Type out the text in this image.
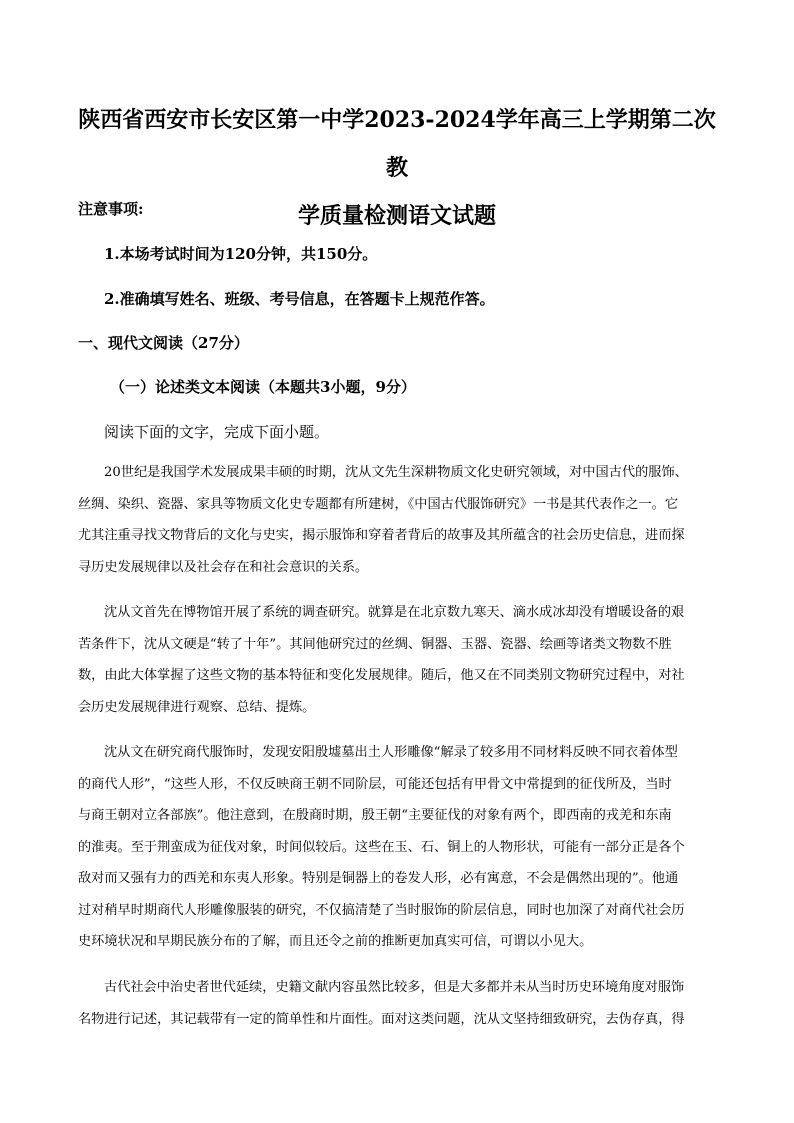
陕西省西安市长安区第一中学2023-2024学年高三上学期第二次教
学质量检测语文试题
注意事项:
1.本场考试时间为120分钟，共150分。
2.准确填写姓名、班级、考号信息，在答题卡上规范作答。
一、现代文阅读（27分）
（一）论述类文本阅读（本题共3小题，9分）
阅读下面的文字，完成下面小题。
20世纪是我国学术发展成果丰硕的时期，沈从文先生深耕物质文化史研究领域，对中国古代的服饰、
丝绸、染织、瓷器、家具等物质文化史专题都有所建树，《中国古代服饰研究》一书是其代表作之一。它
尤其注重寻找文物背后的文化与史实，揭示服饰和穿着者背后的故事及其所蕴含的社会历史信息，进而探
寻历史发展规律以及社会存在和社会意识的关系。
沈从文首先在博物馆开展了系统的调查研究。就算是在北京数九寒天、滴水成冰却没有增暖设备的艰
苦条件下，沈从文硬是“转了十年”。其间他研究过的丝绸、铜器、玉器、瓷器、绘画等诸类文物数不胜
数，由此大体掌握了这些文物的基本特征和变化发展规律。随后，他又在不同类别文物研究过程中，对社
会历史发展规律进行观察、总结、提炼。
沈从文在研究商代服饰时，发现安阳殷墟墓出土人形雕像“解录了较多用不同材料反映不同衣着体型
的商代人形”，“这些人形，不仅反映商王朝不同阶层，可能还包括有甲骨文中常提到的征伐所及，当时
与商王朝对立各部族”。他注意到，在殷商时期，殷王朝“主要征伐的对象有两个，即西南的戎羌和东南
的淮夷。至于荆蛮成为征伐对象，时间似较后。这些在玉、石、铜上的人物形状，可能有一部分正是各个
敌对而又强有力的西羌和东夷人形象。特别是铜器上的卷发人形，必有寓意，不会是偶然出现的”。他通
过对稍早时期商代人形雕像服装的研究，不仅搞清楚了当时服饰的阶层信息，同时也加深了对商代社会历
史环境状况和早期民族分布的了解，而且还令之前的推断更加真实可信，可谓以小见大。
古代社会中治史者世代延续，史籍文献内容虽然比较多，但是大多都并未从当时历史环境角度对服饰
名物进行记述，其记载带有一定的简单性和片面性。面对这类问题，沈从文坚持细致研究，去伪存真，得
